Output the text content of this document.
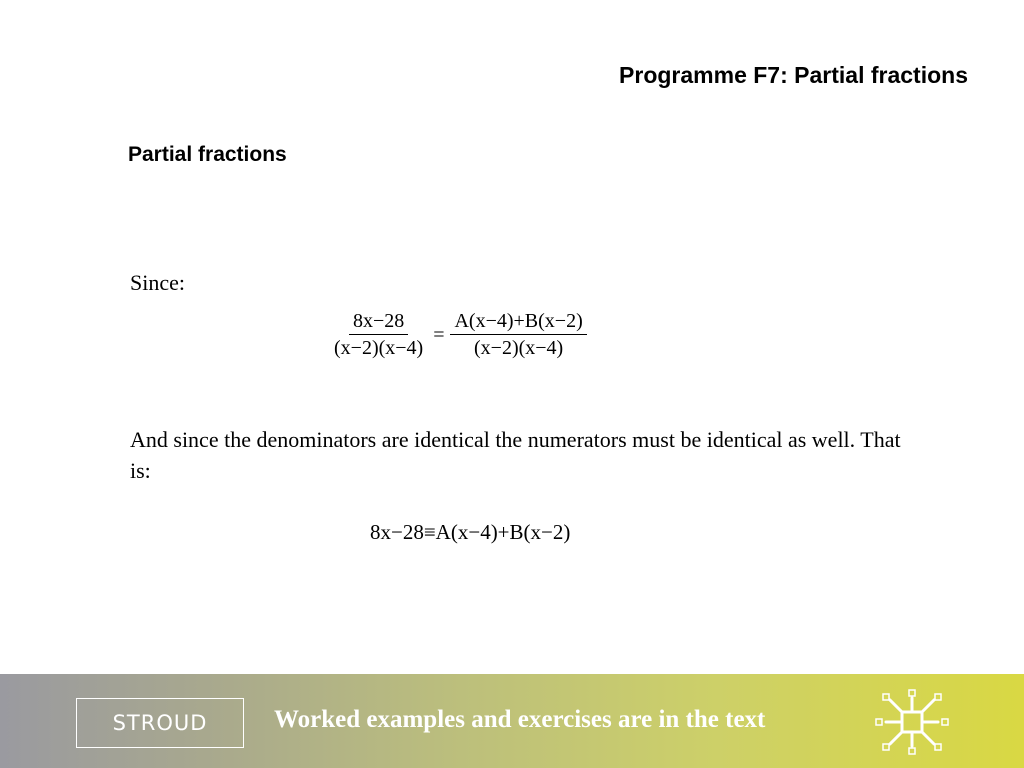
Programme F7: Partial fractions
Partial fractions
Since:
$\frac{8x-28}{(x-2)(x-4)} = \frac{A(x-4)+B(x-2)}{(x-2)(x-4)}$
And since the denominators are identical the numerators must be identical as well. That is:
8x−28≡A(x−4)+B(x−2)
STROUD	Worked examples and exercises are in the text
